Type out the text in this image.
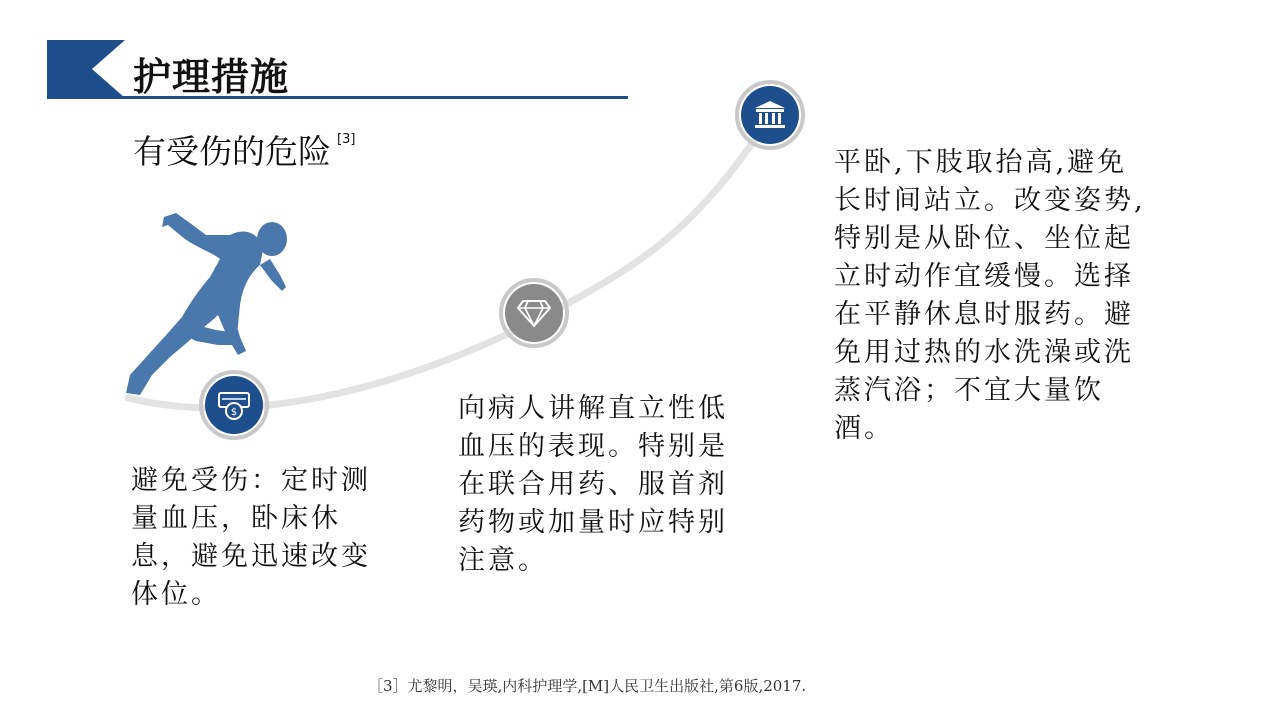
护理措施
有受伤的危险 [3]
$
避免受伤：定时测量血压，卧床休息，避免迅速改变体位。
向病人讲解直立性低血压的表现。特别是在联合用药、服首剂药物或加量时应特别注意。
平卧,下肢取抬高,避免长时间站立。改变姿势,特别是从卧位、坐位起立时动作宜缓慢。选择在平静休息时服药。避免用过热的水洗澡或洗蒸汽浴；不宜大量饮酒。
［3］尤黎明，吴瑛,内科护理学,[M]人民卫生出版社,第6版,2017.
